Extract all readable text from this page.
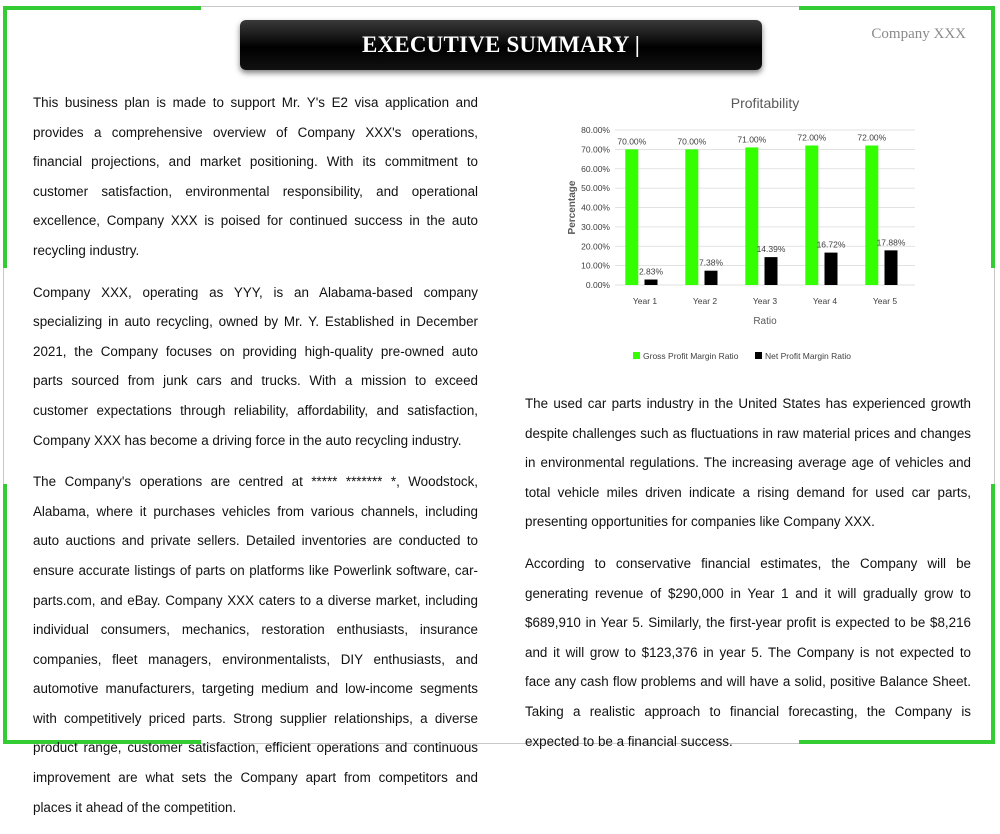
EXECUTIVE SUMMARY |	Company XXX

This business plan is made to support Mr. Y's E2 visa application and provides a comprehensive overview of Company XXX's operations, financial projections, and market positioning. With its commitment to customer satisfaction, environmental responsibility, and operational excellence, Company XXX is poised for continued success in the auto recycling industry.

Company XXX, operating as YYY, is an Alabama-based company specializing in auto recycling, owned by Mr. Y. Established in December 2021, the Company focuses on providing high-quality pre-owned auto parts sourced from junk cars and trucks. With a mission to exceed customer expectations through reliability, affordability, and satisfaction, Company XXX has become a driving force in the auto recycling industry.

The Company's operations are centred at ***** ******* *, Woodstock, Alabama, where it purchases vehicles from various channels, including auto auctions and private sellers. Detailed inventories are conducted to ensure accurate listings of parts on platforms like Powerlink software, car-parts.com, and eBay. Company XXX caters to a diverse market, including individual consumers, mechanics, restoration enthusiasts, insurance companies, fleet managers, environmentalists, DIY enthusiasts, and automotive manufacturers, targeting medium and low-income segments with competitively priced parts. Strong supplier relationships, a diverse product range, customer satisfaction, efficient operations and continuous improvement are what sets the Company apart from competitors and places it ahead of the competition.

Profitability
0.00%
10.00%
20.00%
30.00%
40.00%
50.00%
60.00%
70.00%
80.00%
Percentage
Ratio
70.00%
2.83%
Year 1
70.00%
7.38%
Year 2
71.00%
14.39%
Year 3
72.00%
16.72%
Year 4
72.00%
17.88%
Year 5
Gross Profit Margin Ratio	Net Profit Margin Ratio

The used car parts industry in the United States has experienced growth despite challenges such as fluctuations in raw material prices and changes in environmental regulations. The increasing average age of vehicles and total vehicle miles driven indicate a rising demand for used car parts, presenting opportunities for companies like Company XXX.

According to conservative financial estimates, the Company will be generating revenue of $290,000 in Year 1 and it will gradually grow to $689,910 in Year 5. Similarly, the first-year profit is expected to be $8,216 and it will grow to $123,376 in year 5. The Company is not expected to face any cash flow problems and will have a solid, positive Balance Sheet. Taking a realistic approach to financial forecasting, the Company is expected to be a financial success.
